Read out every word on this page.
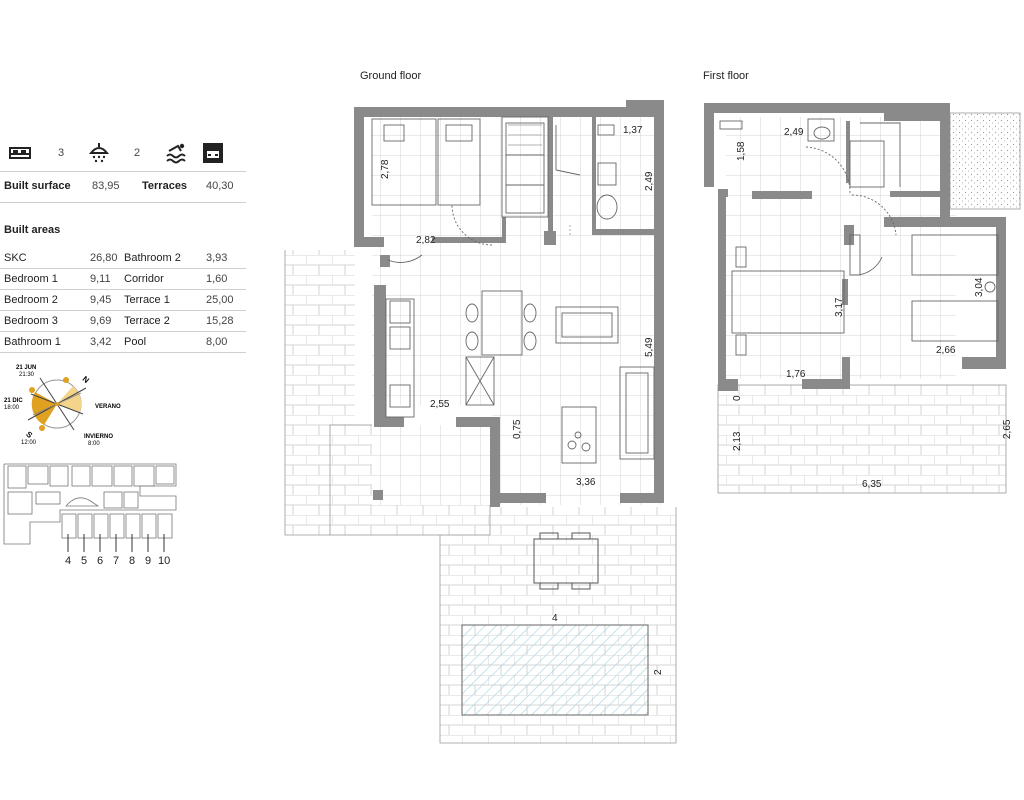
3	2
Built surface 83,95 Terraces 40,30
Built areas
SKC	26,80 Bathroom 2 3,93
Bedroom 1	9,11 Corridor	1,60
Bedroom 2	9,45 Terrace 1	25,00
Bedroom 3	9,69 Terrace 2	15,28
Bathroom 1	3,42 Pool	8,00
21 JUN
21:30
21 DIC
18:00	VERANO
INVIERNO
8:00
12:00
N
S
4 5 6 7 8 9 10
Ground floor
2,78
2,82
1,37
2,49
5,49
2,55
0,75
3,36
4
2
First floor
1,58
2,49
3,17
3,04
1,76
2,66
2,13
2,65
6,35
0
